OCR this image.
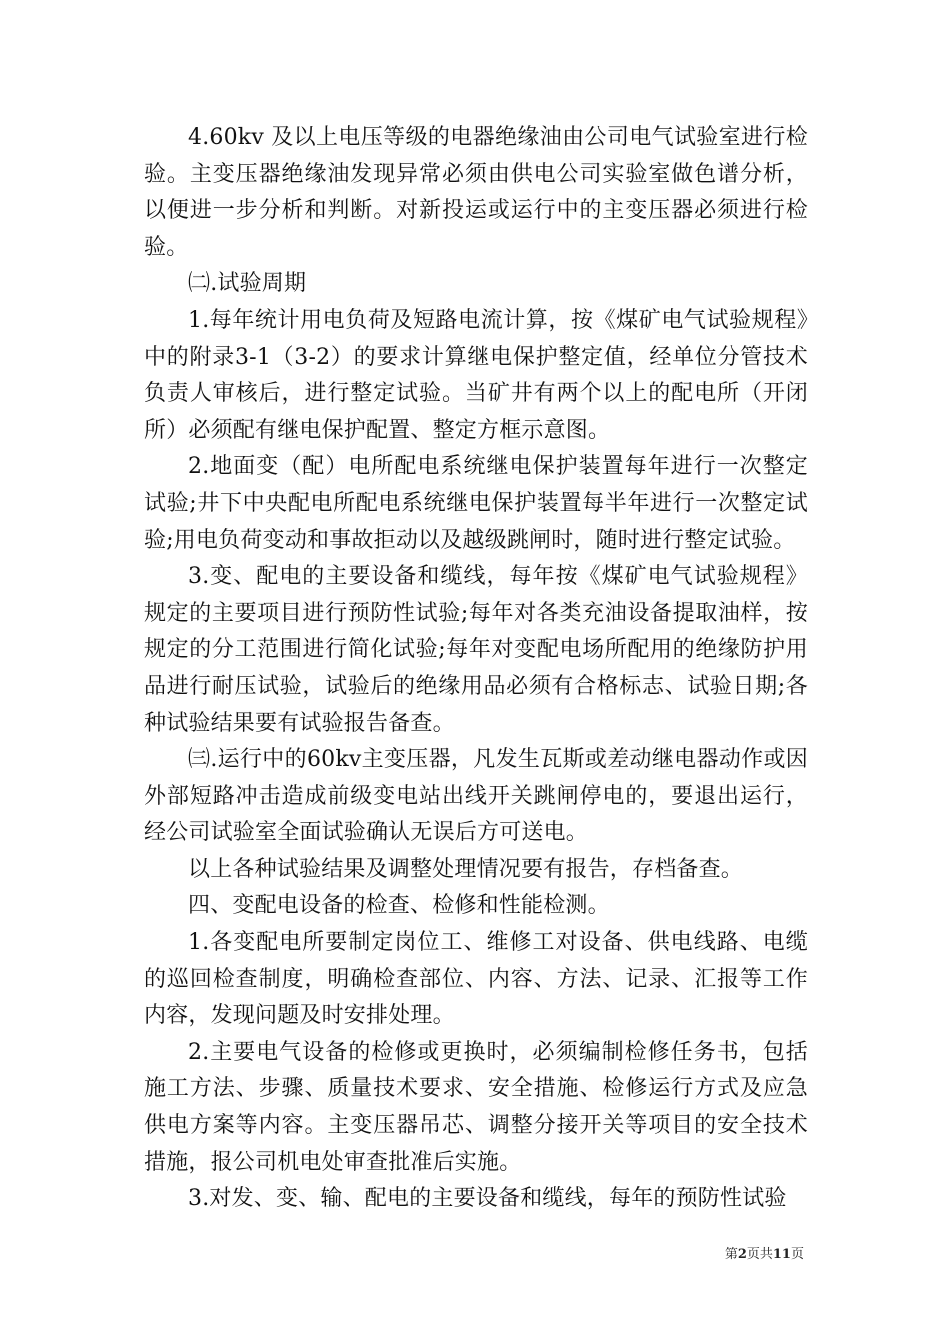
4.60kv 及以上电压等级的电器绝缘油由公司电气试验室进行检验。主变压器绝缘油发现异常必须由供电公司实验室做色谱分析，以便进一步分析和判断。对新投运或运行中的主变压器必须进行检验。

㈡.试验周期

1.每年统计用电负荷及短路电流计算，按《煤矿电气试验规程》中的附录3-1（3-2）的要求计算继电保护整定值，经单位分管技术负责人审核后，进行整定试验。当矿井有两个以上的配电所（开闭所）必须配有继电保护配置、整定方框示意图。

2.地面变（配）电所配电系统继电保护装置每年进行一次整定试验;井下中央配电所配电系统继电保护装置每半年进行一次整定试验;用电负荷变动和事故拒动以及越级跳闸时，随时进行整定试验。

3.变、配电的主要设备和缆线，每年按《煤矿电气试验规程》规定的主要项目进行预防性试验;每年对各类充油设备提取油样，按规定的分工范围进行简化试验;每年对变配电场所配用的绝缘防护用品进行耐压试验，试验后的绝缘用品必须有合格标志、试验日期;各种试验结果要有试验报告备查。

㈢.运行中的60kv主变压器，凡发生瓦斯或差动继电器动作或因外部短路冲击造成前级变电站出线开关跳闸停电的，要退出运行，经公司试验室全面试验确认无误后方可送电。

以上各种试验结果及调整处理情况要有报告，存档备查。

四、变配电设备的检查、检修和性能检测。

1.各变配电所要制定岗位工、维修工对设备、供电线路、电缆的巡回检查制度，明确检查部位、内容、方法、记录、汇报等工作内容，发现问题及时安排处理。

2.主要电气设备的检修或更换时，必须编制检修任务书，包括施工方法、步骤、质量技术要求、安全措施、检修运行方式及应急供电方案等内容。主变压器吊芯、调整分接开关等项目的安全技术措施，报公司机电处审查批准后实施。

3.对发、变、输、配电的主要设备和缆线，每年的预防性试验

第2页共11页
